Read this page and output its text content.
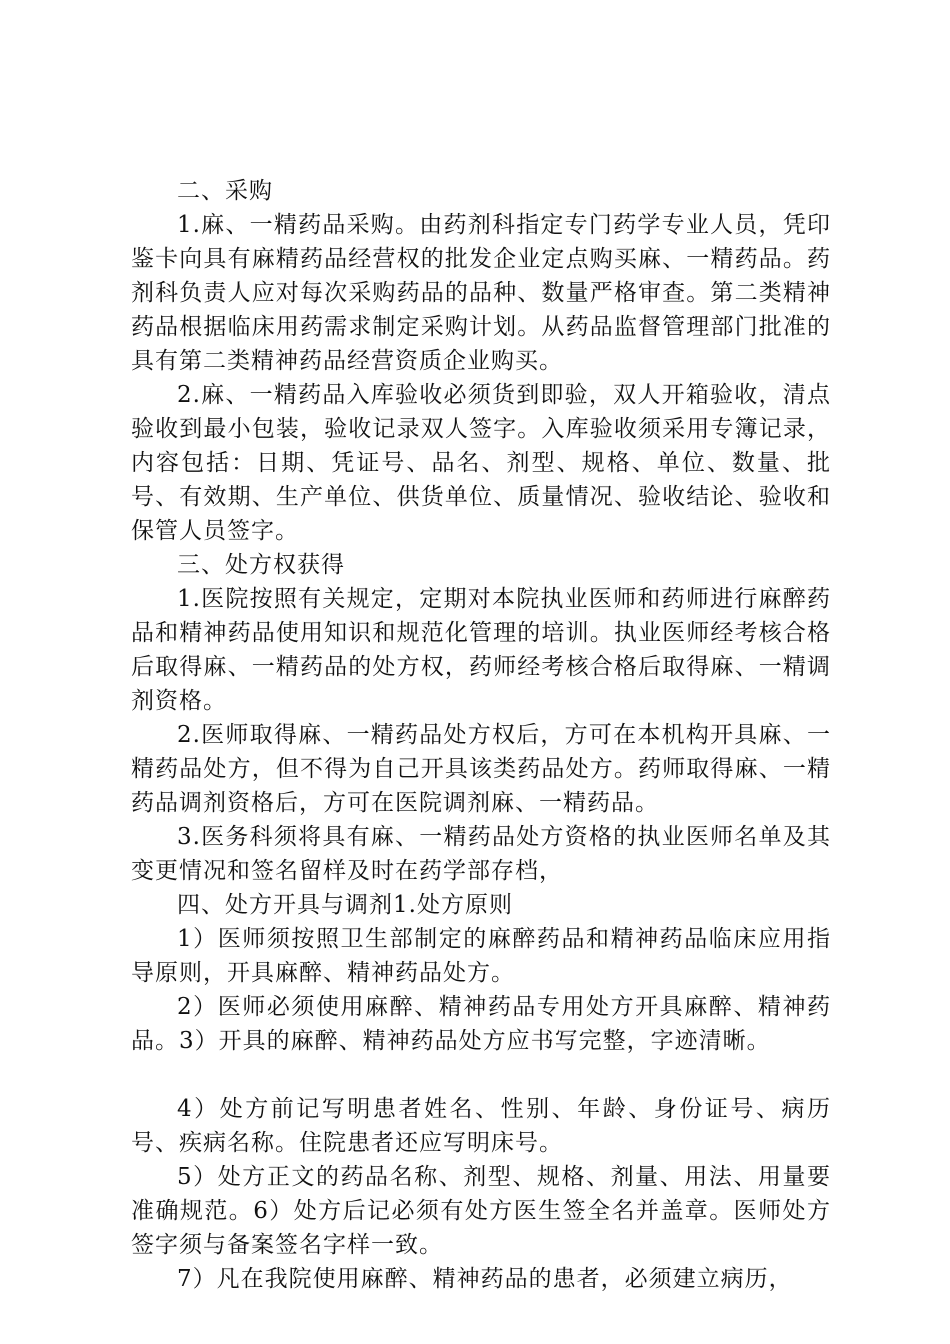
二、采购

1.麻、一精药品采购。由药剂科指定专门药学专业人员，凭印鉴卡向具有麻精药品经营权的批发企业定点购买麻、一精药品。药剂科负责人应对每次采购药品的品种、数量严格审查。第二类精神药品根据临床用药需求制定采购计划。从药品监督管理部门批准的具有第二类精神药品经营资质企业购买。

2.麻、一精药品入库验收必须货到即验，双人开箱验收，清点验收到最小包装，验收记录双人签字。入库验收须采用专簿记录，内容包括：日期、凭证号、品名、剂型、规格、单位、数量、批号、有效期、生产单位、供货单位、质量情况、验收结论、验收和保管人员签字。

三、处方权获得

1.医院按照有关规定，定期对本院执业医师和药师进行麻醉药品和精神药品使用知识和规范化管理的培训。执业医师经考核合格后取得麻、一精药品的处方权，药师经考核合格后取得麻、一精调剂资格。

2.医师取得麻、一精药品处方权后，方可在本机构开具麻、一精药品处方，但不得为自己开具该类药品处方。药师取得麻、一精药品调剂资格后，方可在医院调剂麻、一精药品。

3.医务科须将具有麻、一精药品处方资格的执业医师名单及其变更情况和签名留样及时在药学部存档，

四、处方开具与调剂1.处方原则

1）医师须按照卫生部制定的麻醉药品和精神药品临床应用指导原则，开具麻醉、精神药品处方。

2）医师必须使用麻醉、精神药品专用处方开具麻醉、精神药品。3）开具的麻醉、精神药品处方应书写完整，字迹清晰。

4）处方前记写明患者姓名、性别、年龄、身份证号、病历号、疾病名称。住院患者还应写明床号。

5）处方正文的药品名称、剂型、规格、剂量、用法、用量要准确规范。6）处方后记必须有处方医生签全名并盖章。医师处方签字须与备案签名字样一致。

7）凡在我院使用麻醉、精神药品的患者，必须建立病历，
